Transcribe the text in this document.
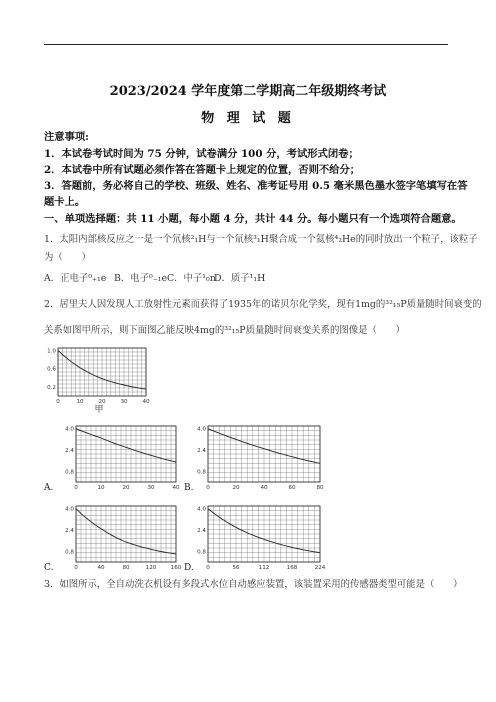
2023/2024 学年度第二学期高二年级期终考试
物 理 试 题
注意事项:
1．本试卷考试时间为 75 分钟，试卷满分 100 分，考试形式闭卷；
2．本试卷中所有试题必须作答在答题卡上规定的位置，否则不给分；
3．答题前，务必将自己的学校、班级、姓名、准考证号用 0.5 毫米黑色墨水签字笔填写在答
题卡上。
一、单项选择题：共 11 小题，每小题 4 分，共计 44 分。每小题只有一个选项符合题意。
1．太阳内部核反应之一是一个氘核²₁H与一个氚核³₁H聚合成一个氦核⁴₂He的同时放出一个粒子，该粒子
为（　　）
A．正电子⁰₊₁e B．电子⁰₋₁e C．中子¹₀n
D．质子¹₁H
2．居里夫人因发现人工放射性元素而获得了1935年的诺贝尔化学奖，现有1mg的³²₁₅P质量随时间衰变的
关系如图甲所示，则下面图乙能反映4mg的³²₁₅P质量随时间衰变关系的图像是（　　）
0	10	20	30	40
1.0
0.6
0.2
甲
0	10	20	30	40
4.0
2.4
0.8
A.	0	20	40	60	80
4.0
2.4
0.8
B.
0	40	80	120	160
4.0
2.4
0.8
C.	0	56	112	168	224
4.0
2.4
0.8
D.
3．如图所示，全自动洗衣机设有多段式水位自动感应装置，该装置采用的传感器类型可能是（　　）
